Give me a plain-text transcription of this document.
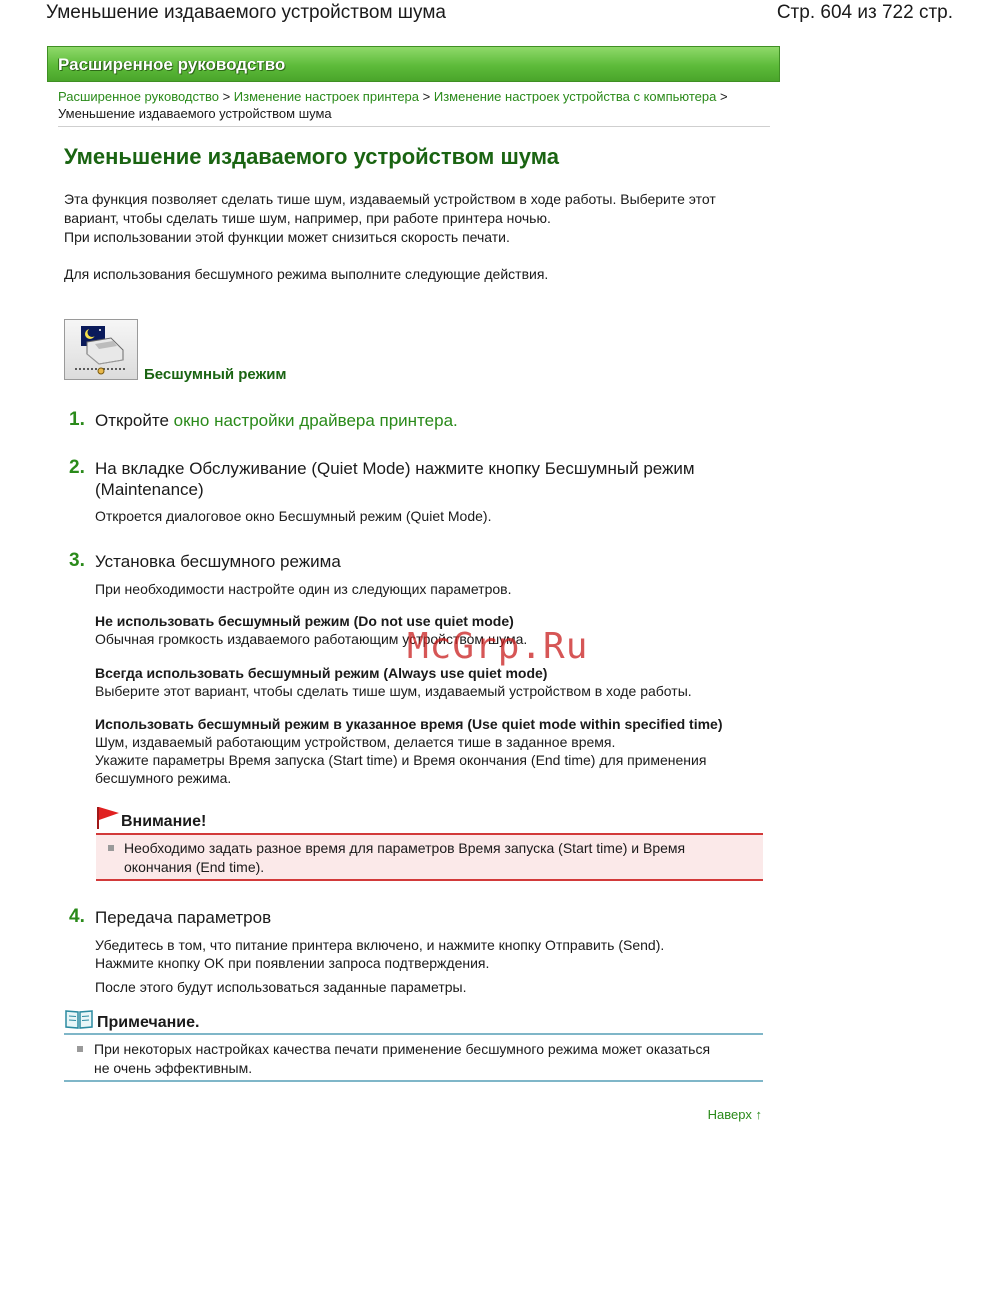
Уменьшение издаваемого устройством шума	Стр. 604 из 722 стр.
Расширенное руководство
Расширенное руководство > Изменение настроек принтера > Изменение настроек устройства с компьютера >
Уменьшение издаваемого устройством шума
Уменьшение издаваемого устройством шума

Эта функция позволяет сделать тише шум, издаваемый устройством в ходе работы. Выберите этот вариант, чтобы сделать тише шум, например, при работе принтера ночью.

При использовании этой функции может снизиться скорость печати.

Для использования бесшумного режима выполните следующие действия.

Бесшумный режим
1. Откройте окно настройки драйвера принтера.
2. На вкладке Обслуживание (Quiet Mode) нажмите кнопку Бесшумный режим (Maintenance)
Откроется диалоговое окно Бесшумный режим (Quiet Mode).
3. Установка бесшумного режима
При необходимости настройте один из следующих параметров.
Не использовать бесшумный режим (Do not use quiet mode)
Обычная громкость издаваемого работающим устройством шума.
Всегда использовать бесшумный режим (Always use quiet mode)
Выберите этот вариант, чтобы сделать тише шум, издаваемый устройством в ходе работы.
Использовать бесшумный режим в указанное время (Use quiet mode within specified time)
Шум, издаваемый работающим устройством, делается тише в заданное время.
Укажите параметры Время запуска (Start time) и Время окончания (End time) для применения бесшумного режима.
Внимание!
Необходимо задать разное время для параметров Время запуска (Start time) и Время окончания (End time).
4. Передача параметров
Убедитесь в том, что питание принтера включено, и нажмите кнопку Отправить (Send).
Нажмите кнопку OK при появлении запроса подтверждения.
После этого будут использоваться заданные параметры.
Примечание.
При некоторых настройках качества печати применение бесшумного режима может оказаться не очень эффективным.
Наверх ↑
McGrp.Ru
